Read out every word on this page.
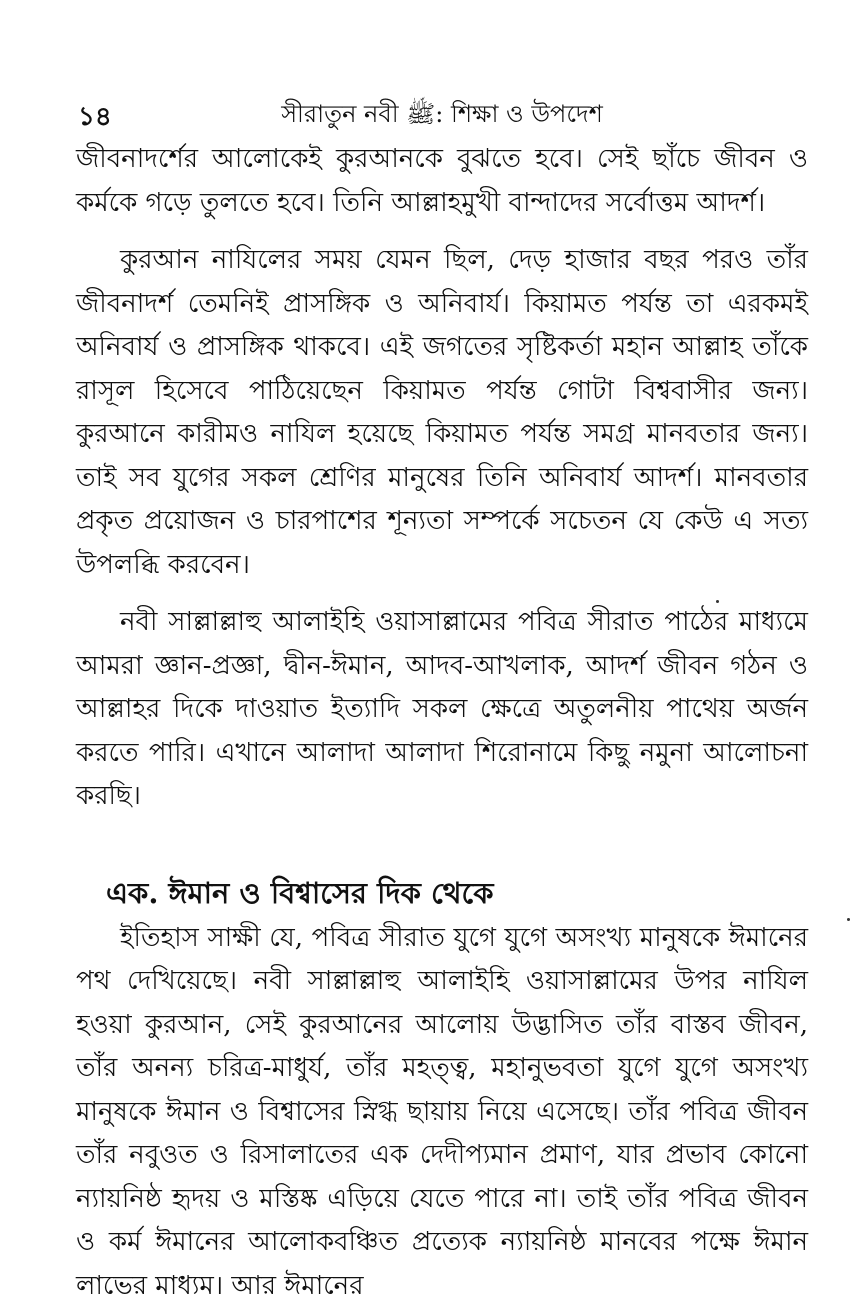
১৪	সীরাতুন নবী ﷺ: শিক্ষা ও উপদেশ

জীবনাদর্শের আলোকেই কুরআনকে বুঝতে হবে। সেই ছাঁচে জীবন ও কর্মকে গড়ে তুলতে হবে। তিনি আল্লাহমুখী বান্দাদের সর্বোত্তম আদর্শ।

কুরআন নাযিলের সময় যেমন ছিল, দেড় হাজার বছর পরও তাঁর জীবনাদর্শ তেমনিই প্রাসঙ্গিক ও অনিবার্য। কিয়ামত পর্যন্ত তা এরকমই অনিবার্য ও প্রাসঙ্গিক থাকবে। এই জগতের সৃষ্টিকর্তা মহান আল্লাহ তাঁকে রাসূল হিসেবে পাঠিয়েছেন কিয়ামত পর্যন্ত গোটা বিশ্ববাসীর জন্য। কুরআনে কারীমও নাযিল হয়েছে কিয়ামত পর্যন্ত সমগ্র মানবতার জন্য। তাই সব যুগের সকল শ্রেণির মানুষের তিনি অনিবার্য আদর্শ। মানবতার প্রকৃত প্রয়োজন ও চারপাশের শূন্যতা সম্পর্কে সচেতন যে কেউ এ সত্য উপলব্ধি করবেন।

নবী সাল্লাল্লাহু আলাইহি ওয়াসাল্লামের পবিত্র সীরাত পাঠের মাধ্যমে আমরা জ্ঞান-প্রজ্ঞা, দ্বীন-ঈমান, আদব-আখলাক, আদর্শ জীবন গঠন ও আল্লাহর দিকে দাওয়াত ইত্যাদি সকল ক্ষেত্রে অতুলনীয় পাথেয় অর্জন করতে পারি। এখানে আলাদা আলাদা শিরোনামে কিছু নমুনা আলোচনা করছি।

এক. ঈমান ও বিশ্বাসের দিক থেকে

ইতিহাস সাক্ষী যে, পবিত্র সীরাত যুগে যুগে অসংখ্য মানুষকে ঈমানের পথ দেখিয়েছে। নবী সাল্লাল্লাহু আলাইহি ওয়াসাল্লামের উপর নাযিল হওয়া কুরআন, সেই কুরআনের আলোয় উদ্ভাসিত তাঁর বাস্তব জীবন, তাঁর অনন্য চরিত্র-মাধুর্য, তাঁর মহত্ত্ব, মহানুভবতা যুগে যুগে অসংখ্য মানুষকে ঈমান ও বিশ্বাসের স্নিগ্ধ ছায়ায় নিয়ে এসেছে। তাঁর পবিত্র জীবন তাঁর নবুওত ও রিসালাতের এক দেদীপ্যমান প্রমাণ, যার প্রভাব কোনো ন্যায়নিষ্ঠ হৃদয় ও মস্তিষ্ক এড়িয়ে যেতে পারে না। তাই তাঁর পবিত্র জীবন ও কর্ম ঈমানের আলোকবঞ্চিত প্রত্যেক ন্যায়নিষ্ঠ মানবের পক্ষে ঈমান লাভের মাধ্যম। আর ঈমানের
